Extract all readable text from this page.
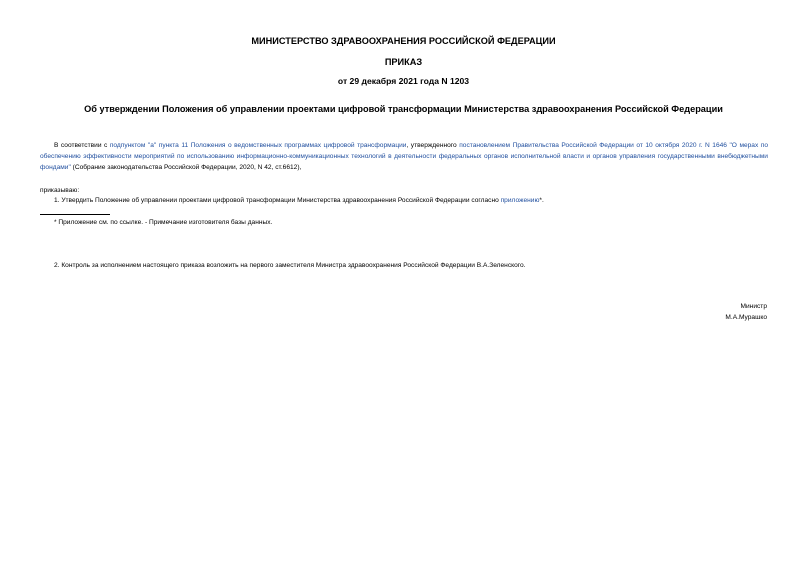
МИНИСТЕРСТВО ЗДРАВООХРАНЕНИЯ РОССИЙСКОЙ ФЕДЕРАЦИИ
ПРИКАЗ
от 29 декабря 2021 года N 1203
Об утверждении Положения об управлении проектами цифровой трансформации Министерства здравоохранения Российской Федерации
В соответствии с подпунктом "а" пункта 11 Положения о ведомственных программах цифровой трансформации, утвержденного постановлением Правительства Российской Федерации от 10 октября 2020 г. N 1646 "О мерах по обеспечению эффективности мероприятий по использованию информационно-коммуникационных технологий в деятельности федеральных органов исполнительной власти и органов управления государственными внебюджетными фондами" (Собрание законодательства Российской Федерации, 2020, N 42, ст.6612),
приказываю:
1. Утвердить Положение об управлении проектами цифровой трансформации Министерства здравоохранения Российской Федерации согласно приложению*.
* Приложение см. по ссылке. - Примечание изготовителя базы данных.
2. Контроль за исполнением настоящего приказа возложить на первого заместителя Министра здравоохранения Российской Федерации В.А.Зеленского.
Министр
М.А.Мурашко
